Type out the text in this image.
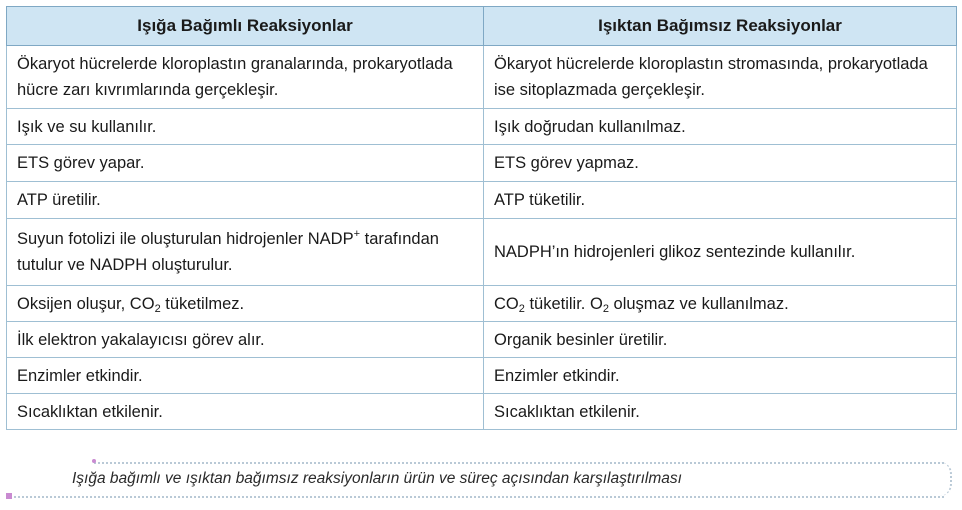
Işığa Bağımlı Reaksiyonlar	Işıktan Bağımsız Reaksiyonlar
Ökaryot hücrelerde kloroplastın granalarında, prokaryotlada hücre zarı kıvrımlarında gerçekleşir.	Ökaryot hücrelerde kloroplastın stromasında, prokaryotlada ise sitoplazmada gerçekleşir.
Işık ve su kullanılır.	Işık doğrudan kullanılmaz.
ETS görev yapar.	ETS görev yapmaz.
ATP üretilir.	ATP tüketilir.
Suyun fotolizi ile oluşturulan hidrojenler NADP+ tarafından tutulur ve NADPH oluşturulur.	NADPH’ın hidrojenleri glikoz sentezinde kullanılır.
Oksijen oluşur, $CO_2$ tüketilmez.	$CO_2$ tüketilir. $O_2$ oluşmaz ve kullanılmaz.
İlk elektron yakalayıcısı görev alır.	Organik besinler üretilir.
Enzimler etkindir.	Enzimler etkindir.
Sıcaklıktan etkilenir.	Sıcaklıktan etkilenir.
Işığa bağımlı ve ışıktan bağımsız reaksiyonların ürün ve süreç açısından karşılaştırılması
